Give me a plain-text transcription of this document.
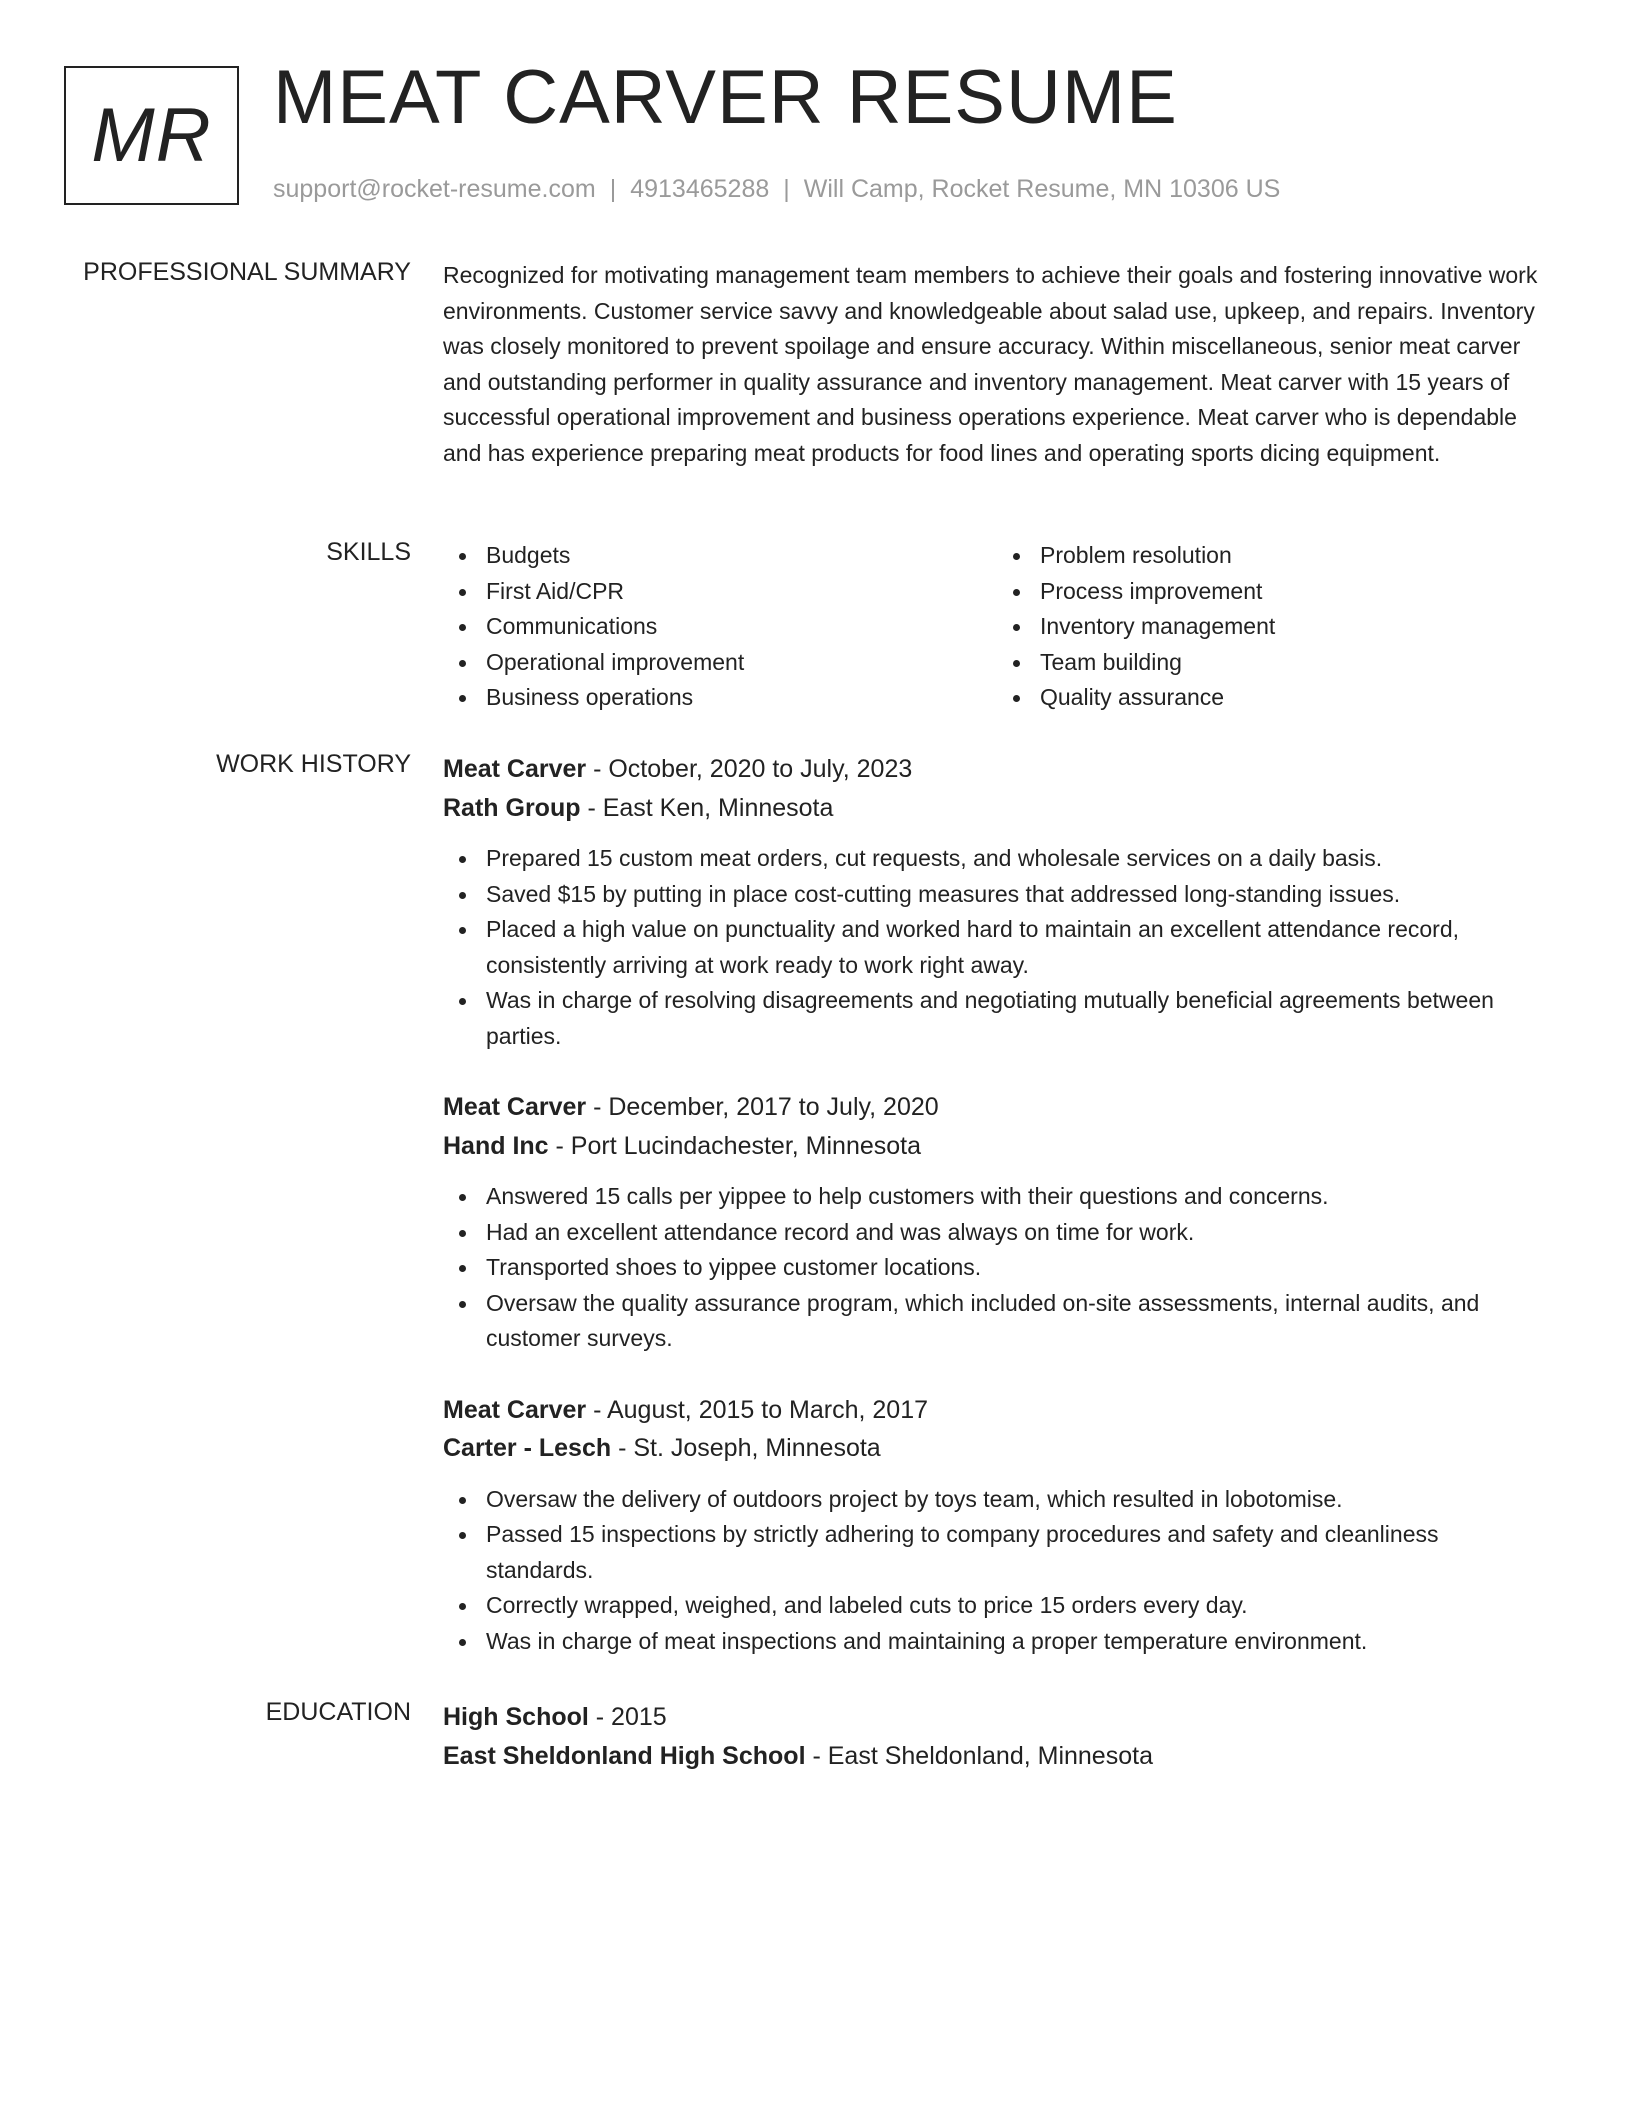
MR MEAT CARVER RESUME
support@rocket-resume.com | 4913465288 | Will Camp, Rocket Resume, MN 10306 US
PROFESSIONAL SUMMARY Recognized for motivating management team members to achieve their goals and fostering innovative work environments. Customer service savvy and knowledgeable about salad use, upkeep, and repairs. Inventory was closely monitored to prevent spoilage and ensure accuracy. Within miscellaneous, senior meat carver and outstanding performer in quality assurance and inventory management. Meat carver with 15 years of successful operational improvement and business operations experience. Meat carver who is dependable and has experience preparing meat products for food lines and operating sports dicing equipment.

SKILLS	Budgets
First Aid/CPR
Communications
Operational improvement
Business operations
Problem resolution
Process improvement
Inventory management
Team building
Quality assurance
WORK HISTORY Meat Carver - October, 2020 to July, 2023
Rath Group - East Ken, Minnesota
Prepared 15 custom meat orders, cut requests, and wholesale services on a daily basis.
Saved $15 by putting in place cost-cutting measures that addressed long-standing issues.
Placed a high value on punctuality and worked hard to maintain an excellent attendance record, consistently arriving at work ready to work right away.
Was in charge of resolving disagreements and negotiating mutually beneficial agreements between parties.
Meat Carver - December, 2017 to July, 2020
Hand Inc - Port Lucindachester, Minnesota
Answered 15 calls per yippee to help customers with their questions and concerns.
Had an excellent attendance record and was always on time for work.
Transported shoes to yippee customer locations.
Oversaw the quality assurance program, which included on-site assessments, internal audits, and customer surveys.
Meat Carver - August, 2015 to March, 2017
Carter - Lesch - St. Joseph, Minnesota
Oversaw the delivery of outdoors project by toys team, which resulted in lobotomise.
Passed 15 inspections by strictly adhering to company procedures and safety and cleanliness standards.
Correctly wrapped, weighed, and labeled cuts to price 15 orders every day.
Was in charge of meat inspections and maintaining a proper temperature environment.
EDUCATION High School - 2015
East Sheldonland High School - East Sheldonland, Minnesota
